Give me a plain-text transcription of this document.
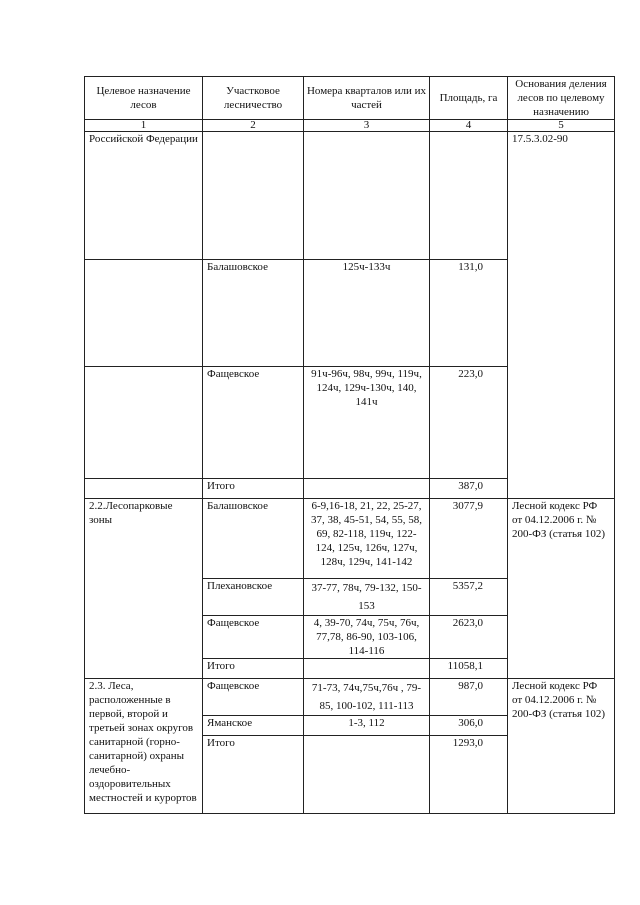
Целевое назначение лесов	Участковое лесничество	Номера кварталов или их частей	Площадь, га	Основания деления лесов по целевому назначению
1	2	3	4	5
Российской Федерации				17.5.3.02-90
	Балашовское	125ч-133ч	131,0	
	Фащевское	91ч-96ч, 98ч, 99ч, 119ч, 124ч, 129ч-130ч, 140, 141ч	223,0	
	Итого		387,0	
2.2.Лесопарковые зоны	Балашовское	6-9,16-18, 21, 22, 25-27, 37, 38, 45-51, 54, 55, 58, 69, 82-118, 119ч, 122-124, 125ч, 126ч, 127ч, 128ч, 129ч, 141-142	3077,9	Лесной кодекс РФ от 04.12.2006 г. № 200-ФЗ (статья 102)
	Плехановское	37-77, 78ч, 79-132, 150-153	5357,2	
	Фащевское	4, 39-70, 74ч, 75ч, 76ч, 77,78, 86-90, 103-106, 114-116	2623,0	
	Итого		11058,1	
2.3. Леса, расположенные в первой, второй и третьей зонах округов санитарной (горно- санитарной) охраны лечебно-оздоровительных местностей и курортов	Фащевское	71-73, 74ч,75ч,76ч , 79-85, 100-102, 111-113	987,0	Лесной кодекс РФ от 04.12.2006 г. № 200-ФЗ (статья 102)
	Яманское	1-3, 112	306,0	
	Итого		1293,0	
